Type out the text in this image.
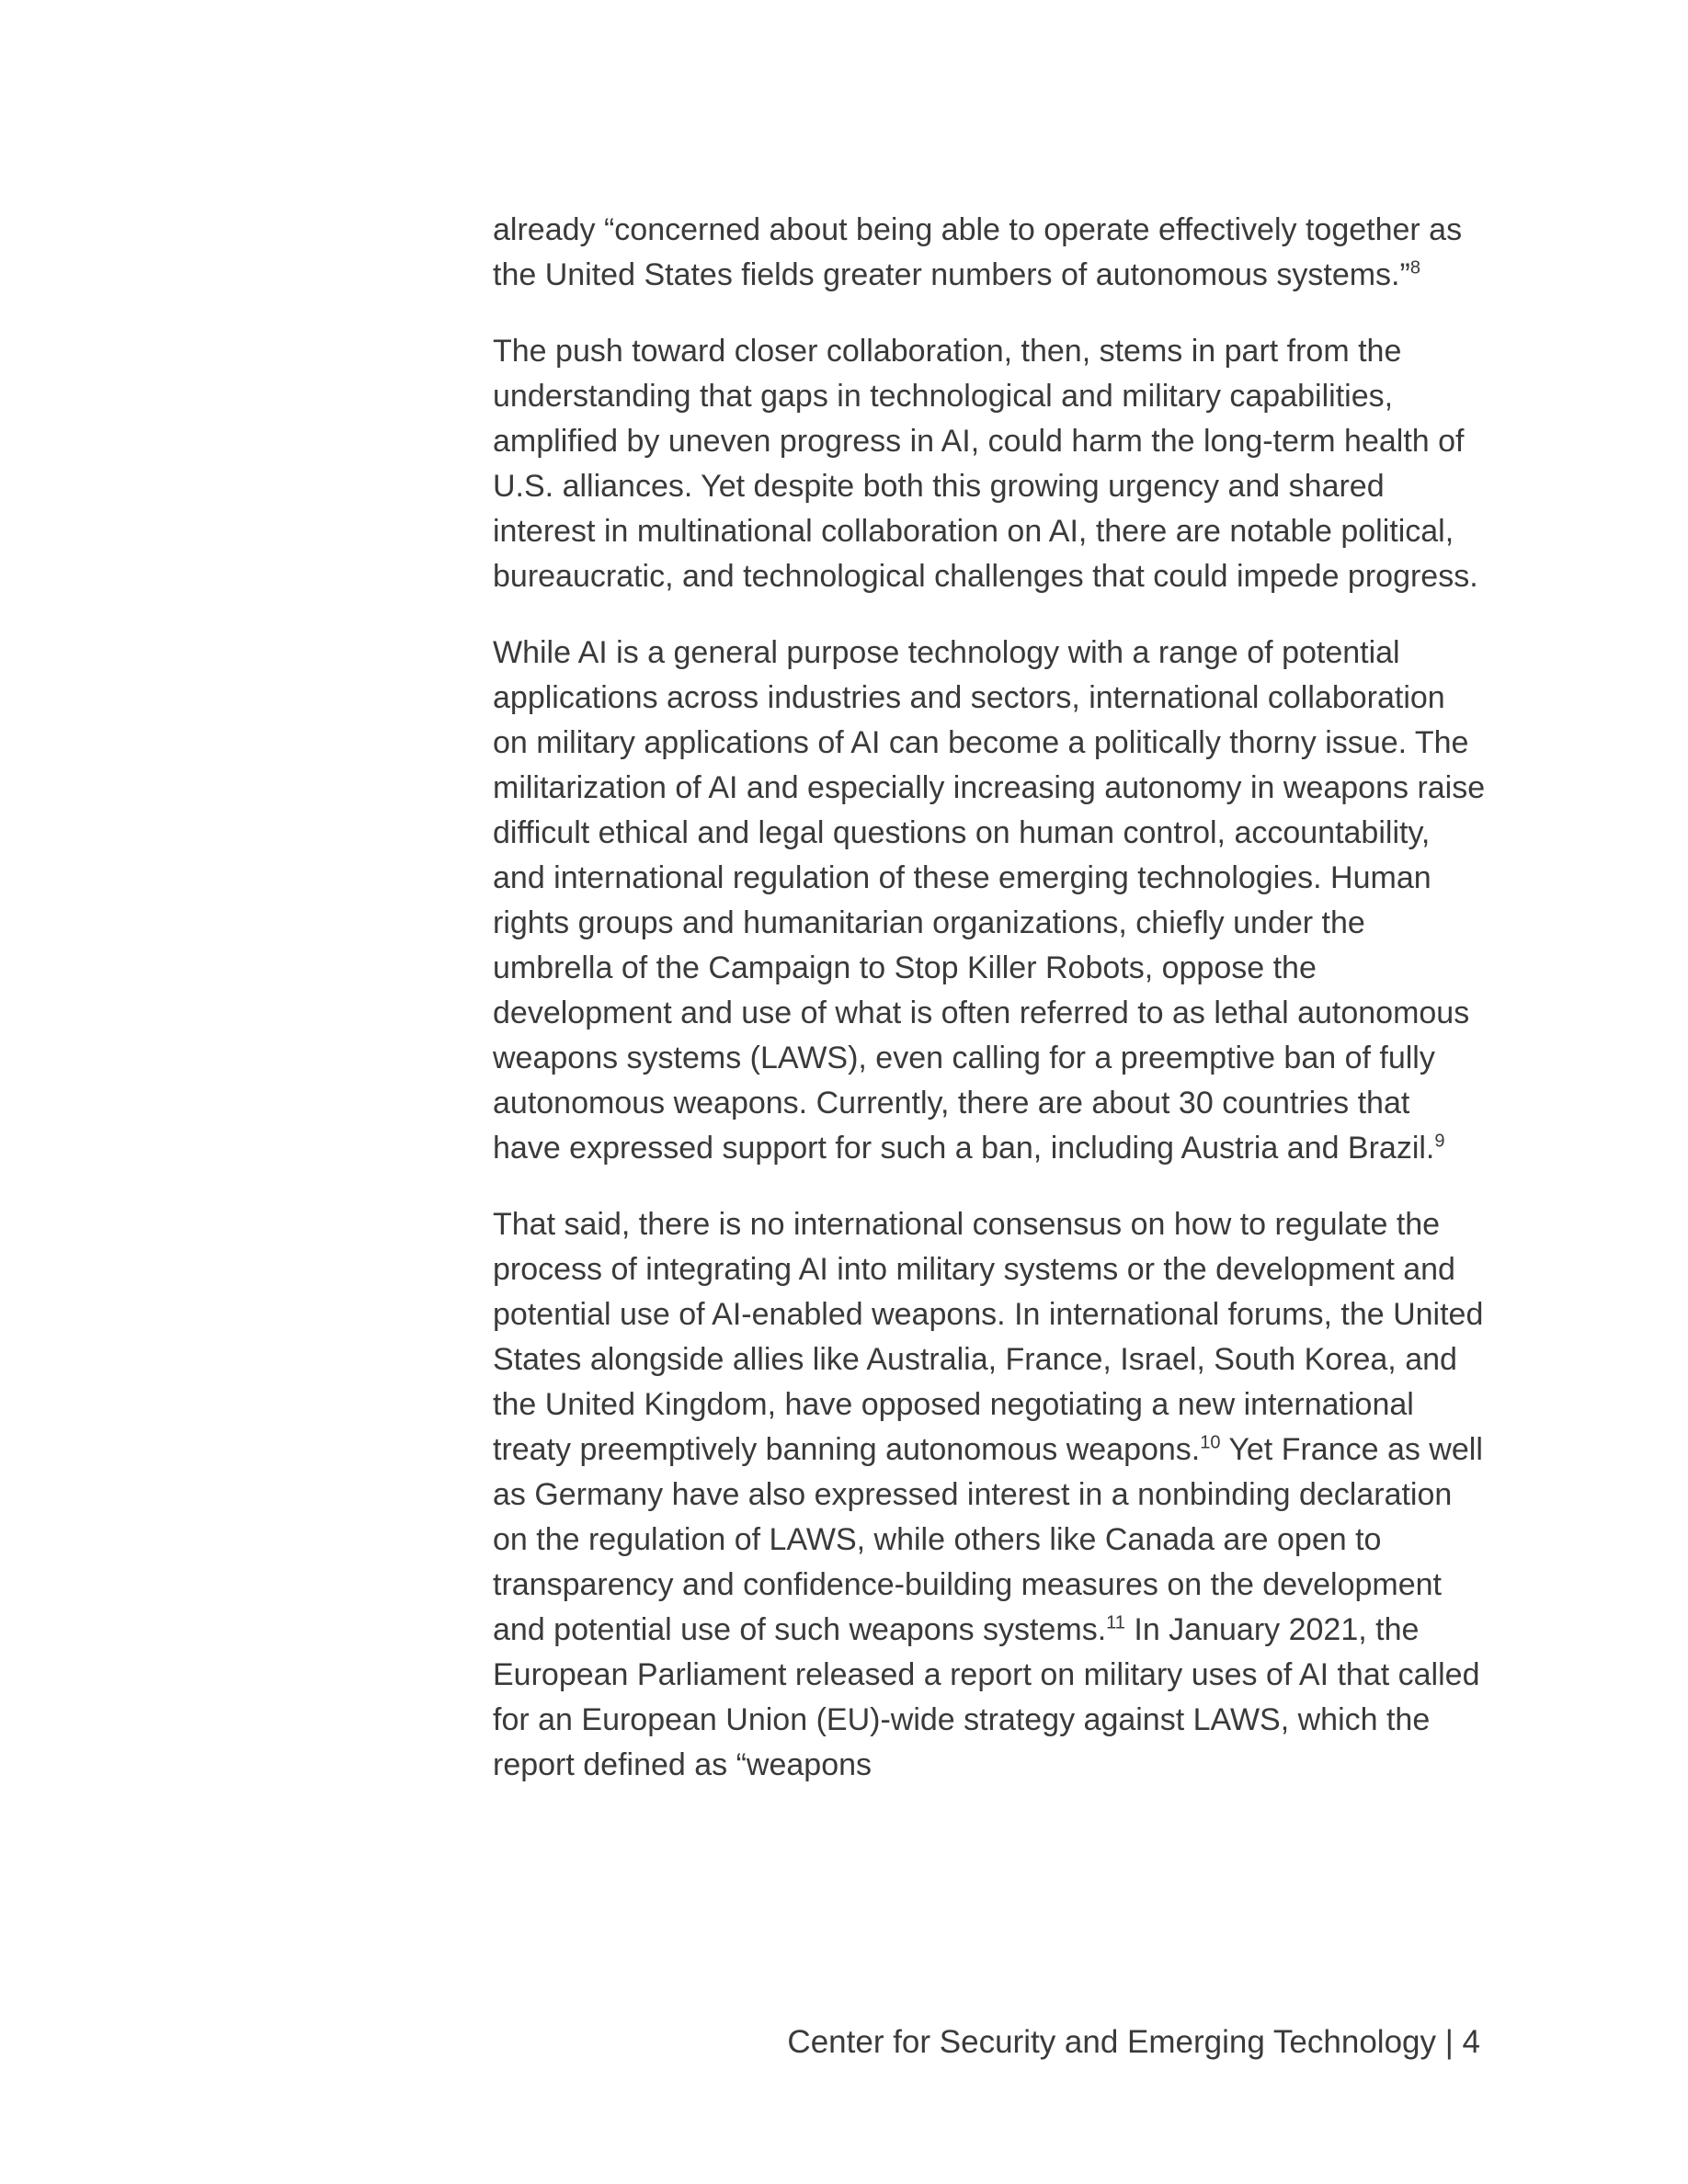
already “concerned about being able to operate effectively together as the United States fields greater numbers of autonomous systems.”$^8$

The push toward closer collaboration, then, stems in part from the understanding that gaps in technological and military capabilities, amplified by uneven progress in AI, could harm the long-term health of U.S. alliances. Yet despite both this growing urgency and shared interest in multinational collaboration on AI, there are notable political, bureaucratic, and technological challenges that could impede progress.

While AI is a general purpose technology with a range of potential applications across industries and sectors, international collaboration on military applications of AI can become a politically thorny issue. The militarization of AI and especially increasing autonomy in weapons raise difficult ethical and legal questions on human control, accountability, and international regulation of these emerging technologies. Human rights groups and humanitarian organizations, chiefly under the umbrella of the Campaign to Stop Killer Robots, oppose the development and use of what is often referred to as lethal autonomous weapons systems (LAWS), even calling for a preemptive ban of fully autonomous weapons. Currently, there are about 30 countries that have expressed support for such a ban, including Austria and Brazil.$^9$

That said, there is no international consensus on how to regulate the process of integrating AI into military systems or the development and potential use of AI-enabled weapons. In international forums, the United States alongside allies like Australia, France, Israel, South Korea, and the United Kingdom, have opposed negotiating a new international treaty preemptively banning autonomous weapons.$^{10}$ Yet France as well as Germany have also expressed interest in a nonbinding declaration on the regulation of LAWS, while others like Canada are open to transparency and confidence-building measures on the development and potential use of such weapons systems.$^{11}$ In January 2021, the European Parliament released a report on military uses of AI that called for an European Union (EU)-wide strategy against LAWS, which the report defined as “weapons

Center for Security and Emerging Technology | 4
